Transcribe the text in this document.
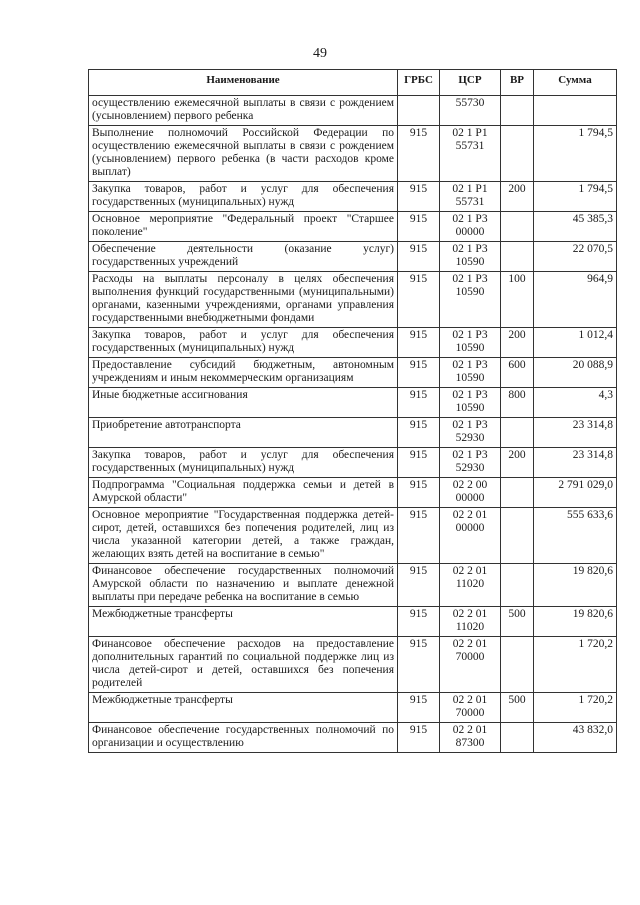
49
Наименование	ГРБС	ЦСР	ВР	Сумма
осуществлению ежемесячной выплаты в связи с рождением (усыновлением) первого ребенка		55730		
Выполнение полномочий Российской Федерации по осуществлению ежемесячной выплаты в связи с рождением (усыновлением) первого ребенка (в части расходов кроме выплат)	915	02 1 Р1 55731		1 794,5
Закупка товаров, работ и услуг для обеспечения государственных (муниципальных) нужд	915	02 1 Р1 55731	200	1 794,5
Основное мероприятие "Федеральный проект "Старшее поколение"	915	02 1 Р3 00000		45 385,3
Обеспечение деятельности (оказание услуг) государственных учреждений	915	02 1 Р3 10590		22 070,5
Расходы на выплаты персоналу в целях обеспечения выполнения функций государственными (муниципальными) органами, казенными учреждениями, органами управления государственными внебюджетными фондами	915	02 1 Р3 10590	100	964,9
Закупка товаров, работ и услуг для обеспечения государственных (муниципальных) нужд	915	02 1 Р3 10590	200	1 012,4
Предоставление субсидий бюджетным, автономным учреждениям и иным некоммерческим организациям	915	02 1 Р3 10590	600	20 088,9
Иные бюджетные ассигнования	915	02 1 Р3 10590	800	4,3
Приобретение автотранспорта	915	02 1 Р3 52930		23 314,8
Закупка товаров, работ и услуг для обеспечения государственных (муниципальных) нужд	915	02 1 Р3 52930	200	23 314,8
Подпрограмма "Социальная поддержка семьи и детей в Амурской области"	915	02 2 00 00000		2 791 029,0
Основное мероприятие "Государственная поддержка детей-сирот, детей, оставшихся без попечения родителей, лиц из числа указанной категории детей, а также граждан, желающих взять детей на воспитание в семью"	915	02 2 01 00000		555 633,6
Финансовое обеспечение государственных полномочий Амурской области по назначению и выплате денежной выплаты при передаче ребенка на воспитание в семью	915	02 2 01 11020		19 820,6
Межбюджетные трансферты	915	02 2 01 11020	500	19 820,6
Финансовое обеспечение расходов на предоставление дополнительных гарантий по социальной поддержке лиц из числа детей-сирот и детей, оставшихся без попечения родителей	915	02 2 01 70000		1 720,2
Межбюджетные трансферты	915	02 2 01 70000	500	1 720,2
Финансовое обеспечение государственных полномочий по организации и осуществлению	915	02 2 01 87300		43 832,0
